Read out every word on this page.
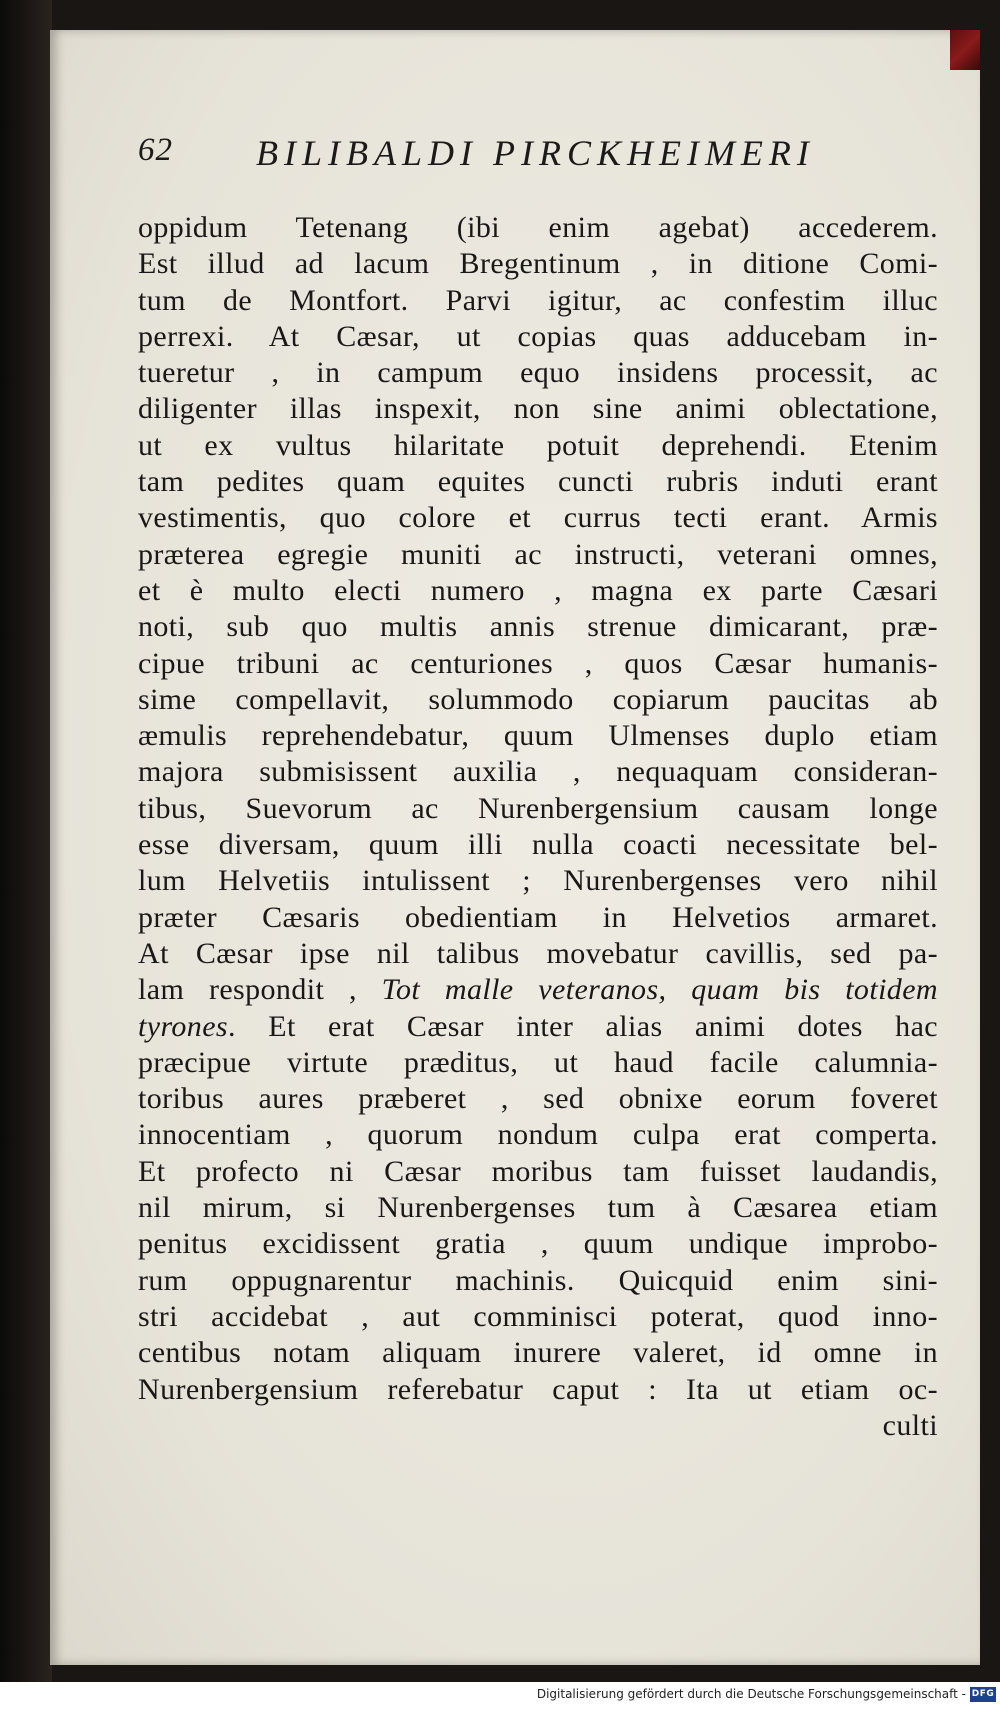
62 BILIBALDI PIRCKHEIMERI
oppidum Tetenang (ibi enim agebat) accederem.
Est illud ad lacum Bregentinum , in ditione Comi-
tum de Montfort. Parvi igitur, ac confestim illuc
perrexi. At Cæsar, ut copias quas adducebam in-
tueretur , in campum equo insidens processit, ac
diligenter illas inspexit, non sine animi oblectatione,
ut ex vultus hilaritate potuit deprehendi. Etenim
tam pedites quam equites cuncti rubris induti erant
vestimentis, quo colore et currus tecti erant. Armis
præterea egregie muniti ac instructi, veterani omnes,
et è multo electi numero , magna ex parte Cæsari
noti, sub quo multis annis strenue dimicarant, præ-
cipue tribuni ac centuriones , quos Cæsar humanis-
sime compellavit, solummodo copiarum paucitas ab
æmulis reprehendebatur, quum Ulmenses duplo etiam
majora submisissent auxilia , nequaquam consideran-
tibus, Suevorum ac Nurenbergensium causam longe
esse diversam, quum illi nulla coacti necessitate bel-
lum Helvetiis intulissent ; Nurenbergenses vero nihil
præter Cæsaris obedientiam in Helvetios armaret.
At Cæsar ipse nil talibus movebatur cavillis, sed pa-
lam respondit , Tot malle veteranos, quam bis totidem
tyrones. Et erat Cæsar inter alias animi dotes hac
præcipue virtute præditus, ut haud facile calumnia-
toribus aures præberet , sed obnixe eorum foveret
innocentiam , quorum nondum culpa erat comperta.
Et profecto ni Cæsar moribus tam fuisset laudandis,
nil mirum, si Nurenbergenses tum à Cæsarea etiam
penitus excidissent gratia , quum undique improbo-
rum oppugnarentur machinis. Quicquid enim sini-
stri accidebat , aut comminisci poterat, quod inno-
centibus notam aliquam inurere valeret, id omne in
Nurenbergensium referebatur caput : Ita ut etiam oc-
culti
Digitalisierung gefördert durch die Deutsche Forschungsgemeinschaft - DFG
